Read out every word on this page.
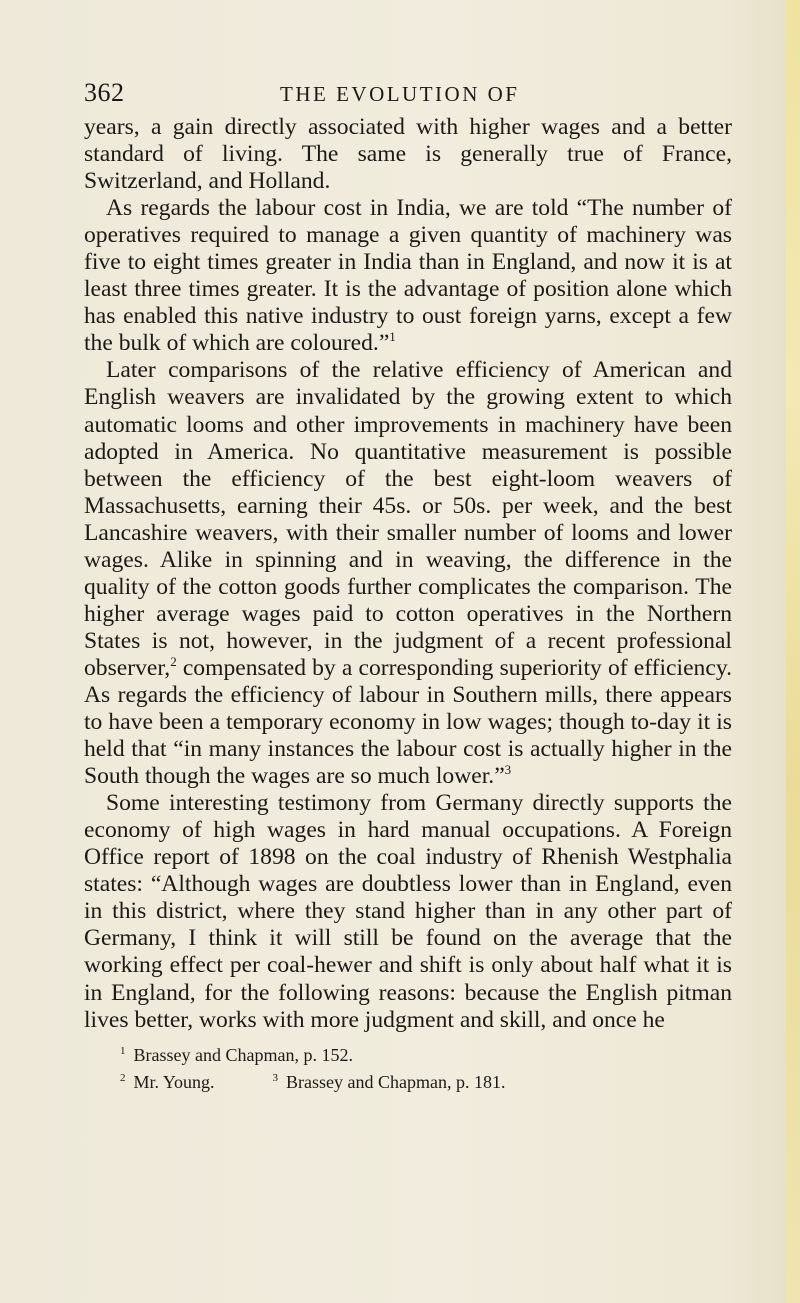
362	THE EVOLUTION OF

years, a gain directly associated with higher wages and a better standard of living. The same is generally true of France, Switzerland, and Holland.

As regards the labour cost in India, we are told “The number of operatives required to manage a given quantity of machinery was five to eight times greater in India than in England, and now it is at least three times greater. It is the advantage of position alone which has enabled this native industry to oust foreign yarns, except a few the bulk of which are coloured.”$^1$

Later comparisons of the relative efficiency of American and English weavers are invalidated by the growing extent to which automatic looms and other improvements in machinery have been adopted in America. No quantitative measurement is possible between the efficiency of the best eight-loom weavers of Massachusetts, earning their 45s. or 50s. per week, and the best Lancashire weavers, with their smaller number of looms and lower wages. Alike in spinning and in weaving, the difference in the quality of the cotton goods further complicates the comparison. The higher average wages paid to cotton operatives in the Northern States is not, however, in the judgment of a recent professional observer,$^2$ compensated by a corresponding superiority of efficiency. As regards the efficiency of labour in Southern mills, there appears to have been a temporary economy in low wages; though to-day it is held that “in many instances the labour cost is actually higher in the South though the wages are so much lower.”$^3$

Some interesting testimony from Germany directly supports the economy of high wages in hard manual occupations. A Foreign Office report of 1898 on the coal industry of Rhenish Westphalia states: “Although wages are doubtless lower than in England, even in this district, where they stand higher than in any other part of Germany, I think it will still be found on the average that the working effect per coal-hewer and shift is only about half what it is in England, for the following reasons: because the English pitman lives better, works with more judgment and skill, and once he

$^1$ Brassey and Chapman, p. 152.
$^2$ Mr. Young.	$^3$ Brassey and Chapman, p. 181.
